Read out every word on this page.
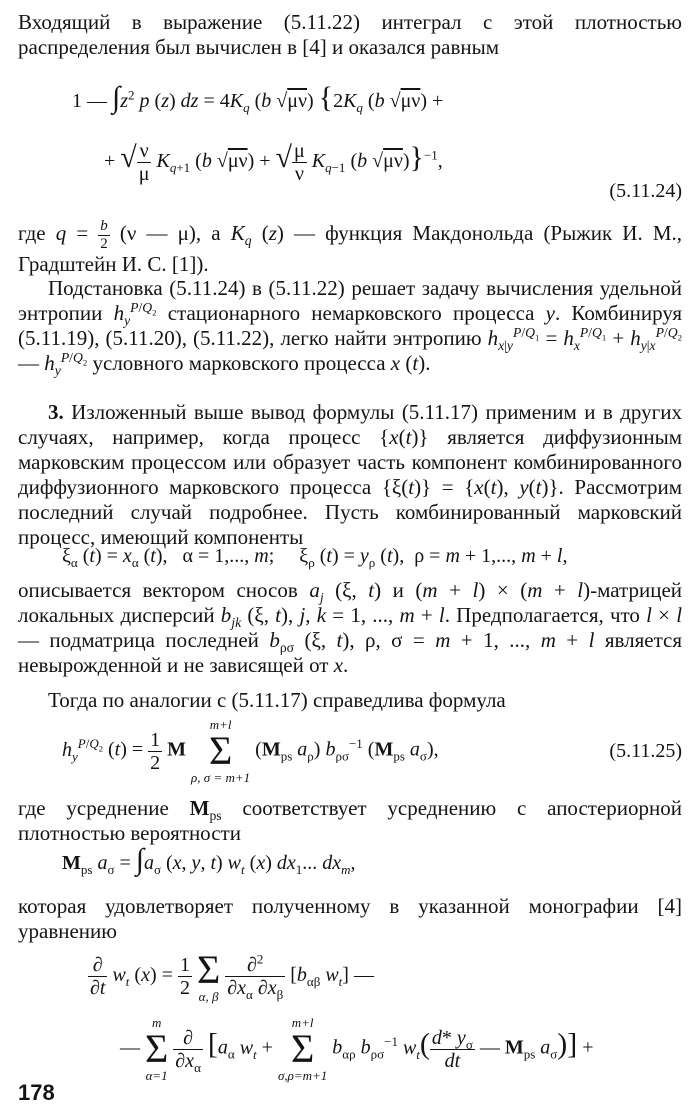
Входящий в выражение (5.11.22) интеграл с этой плотностью распределения был вычислен в [4] и оказался равным
1 — $\int z^2$ p (z) dz = $4K_q$ (b √μν) {$2K_q$ (b √μν) +
+ √ $\frac{\nu}{\mu} K_{q+1}$ (b √μν) + √ $\frac{\mu}{\nu} K_{q-1}$ (b √μν)}$^{-1}$,
(5.11.24)
где $q = \frac{b}{2} (\nu$ — μ), а $K_q$ (z) — функция Макдонольда (Рыжик И. М., Градштейн И. С. [1]).
Подстановка (5.11.24) в (5.11.22) решает задачу вычисления удельной энтропии $h_y^{P/Q_2}$ стационарного немарковского процесса y. Комбинируя (5.11.19), (5.11.20), (5.11.22), легко найти энтропию $h_{x|y}^{P/Q_1} = h_x^{P/Q_1} + h_{y|x}^{P/Q_2}$ — $h_y^{P/Q_2}$ условного марковского процесса x (t).
3. Изложенный выше вывод формулы (5.11.17) применим и в других случаях, например, когда процесс {x(t)} является диффузионным марковским процессом или образует часть компонент комбинированного диффузионного марковского процесса {ξ(t)} = {x(t), y(t)}. Рассмотрим последний случай подробнее. Пусть комбинированный марковский процесс, имеющий компоненты
$\xi_\alpha$ $(t) = x_\alpha$ (t),   α = 1,..., m;     $\xi_\rho$ $(t) = y_\rho$ (t),  ρ = m + 1,..., m + l,
описывается вектором сносов $a_j$ (ξ, t) и (m + l) × (m + l)-матрицей локальных дисперсий $b_{jk}$ (ξ, t), j, k = 1, ..., m + l. Предполагается, что l × l — подматрица последней $b_{\rho\sigma}$ (ξ, t), ρ, σ = m + 1, ..., m + l является невырожденной и не зависящей от x.
Тогда по аналогии с (5.11.17) справедлива формула
$h_y^{P/Q_2}$ $(t) = \frac{1}{2}$ M
m+l
Σ
ρ, σ = m+1
($M_{ps}$ $a_\rho$) $b_{\rho\sigma}^{-1}$ ($M_{ps}$ $a_\sigma$),	(5.11.25)
где усреднение $M_{ps}$ соответствует усреднению с апостериорной плотностью вероятности
$M_{ps}$ $a_\sigma = \int a_\sigma$ (x, y, t) $w_t$ (x) $dx_1$... $dx_m$,
которая удовлетворяет полученному в указанной монографии [4] уравнению
$\frac{\partial}{\partial t} w_t$ $(x) = \frac{1}{2}$
Σ
α, β
$\frac{\partial^2}{\partial x_\alpha \partial x_\beta} [b_{\alpha\beta}$ $w_t$] —
—
m
Σ
α=1

$\frac{\partial}{\partial x_\alpha} [a_\alpha$ $w_t$ +
m+l
Σ
σ,ρ=m+1
$b_{\alpha\rho}$ $b_{\rho\sigma}^{-1}$ $w_t( \frac{d* y_\sigma}{dt}$ — $M_{ps}$ $a_\sigma$)] +
178
